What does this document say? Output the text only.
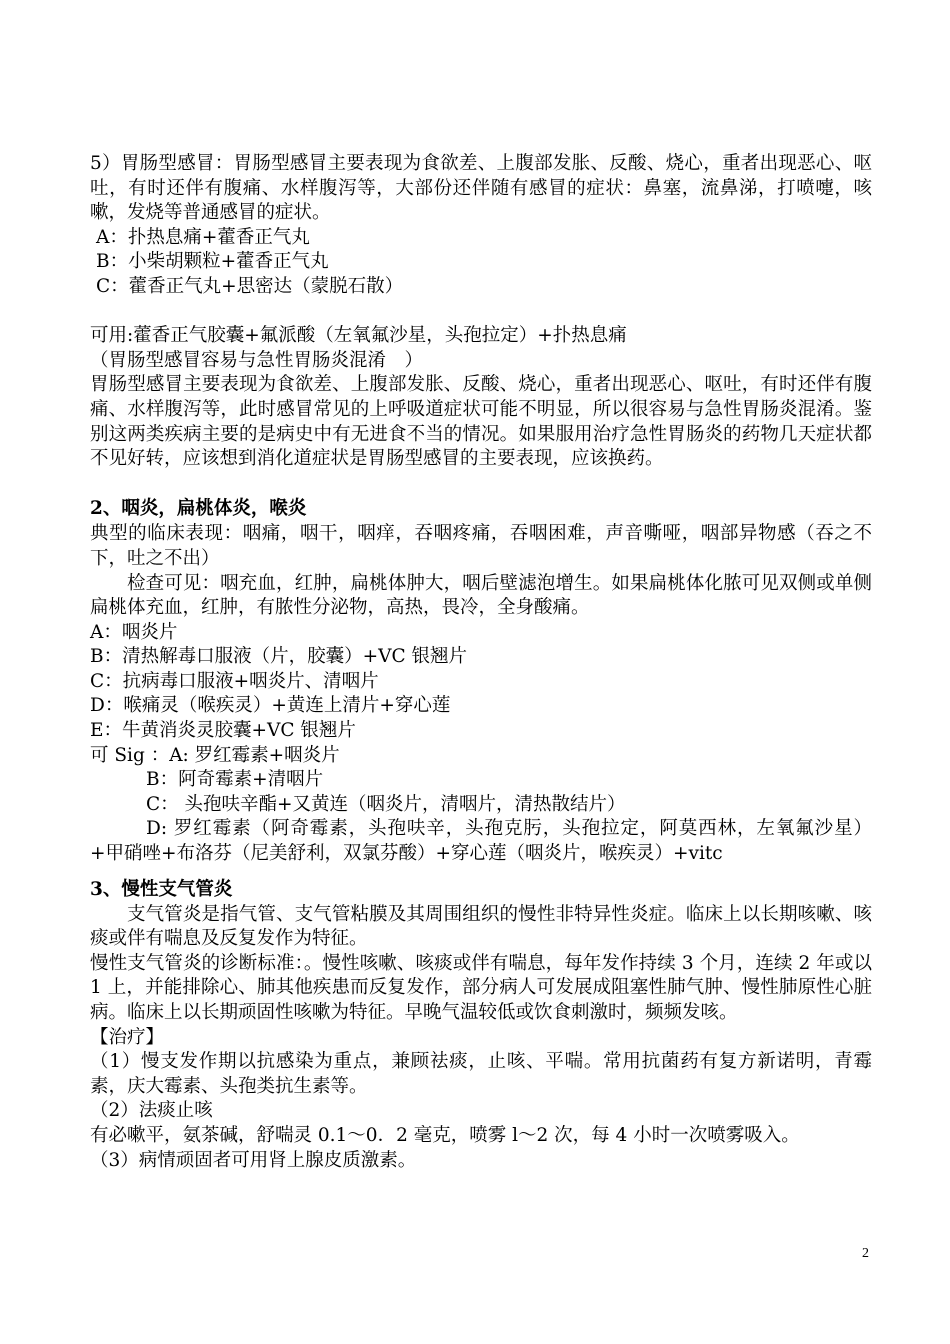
5）胃肠型感冒：胃肠型感冒主要表现为食欲差、上腹部发胀、反酸、烧心，重者出现恶心、呕吐，有时还伴有腹痛、水样腹泻等，大部份还伴随有感冒的症状：鼻塞，流鼻涕，打喷嚏，咳嗽，发烧等普通感冒的症状。

A：扑热息痛+藿香正气丸

B：小柴胡颗粒+藿香正气丸

C：藿香正气丸+思密达（蒙脱石散）

可用:藿香正气胶囊+氟派酸（左氧氟沙星，头孢拉定）+扑热息痛

（胃肠型感冒容易与急性胃肠炎混淆　）

胃肠型感冒主要表现为食欲差、上腹部发胀、反酸、烧心，重者出现恶心、呕吐，有时还伴有腹痛、水样腹泻等，此时感冒常见的上呼吸道症状可能不明显，所以很容易与急性胃肠炎混淆。鉴别这两类疾病主要的是病史中有无进食不当的情况。如果服用治疗急性胃肠炎的药物几天症状都不见好转，应该想到消化道症状是胃肠型感冒的主要表现，应该换药。

2、咽炎，扁桃体炎，喉炎

典型的临床表现：咽痛，咽干，咽痒，吞咽疼痛，吞咽困难，声音嘶哑，咽部异物感（吞之不下，吐之不出）

检查可见：咽充血，红肿，扁桃体肿大，咽后壁滤泡增生。如果扁桃体化脓可见双侧或单侧扁桃体充血，红肿，有脓性分泌物，高热，畏冷，全身酸痛。

A：咽炎片

B：清热解毒口服液（片，胶囊）+VC 银翘片

C：抗病毒口服液+咽炎片、清咽片

D：喉痛灵（喉疾灵）+黄连上清片+穿心莲

E：牛黄消炎灵胶囊+VC 银翘片

可 Sig ：A: 罗红霉素+咽炎片

B：阿奇霉素+清咽片

C： 头孢呋辛酯+又黄连（咽炎片，清咽片，清热散结片）

D: 罗红霉素（阿奇霉素，头孢呋辛，头孢克肟，头孢拉定，阿莫西林，左氧氟沙星）+甲硝唑+布洛芬（尼美舒利，双氯芬酸）+穿心莲（咽炎片，喉疾灵）+vitc

3、慢性支气管炎

支气管炎是指气管、支气管粘膜及其周围组织的慢性非特异性炎症。临床上以长期咳嗽、咳痰或伴有喘息及反复发作为特征。

慢性支气管炎的诊断标准：。慢性咳嗽、咳痰或伴有喘息，每年发作持续 3 个月，连续 2 年或以 1 上，并能排除心、肺其他疾患而反复发作，部分病人可发展成阻塞性肺气肿、慢性肺原性心脏病。临床上以长期顽固性咳嗽为特征。早晚气温较低或饮食刺激时，频频发咳。

【治疗】

（1）慢支发作期以抗感染为重点，兼顾祛痰，止咳、平喘。常用抗菌药有复方新诺明，青霉素，庆大霉素、头孢类抗生素等。

（2）法痰止咳

有必嗽平，氨茶碱，舒喘灵 0.1～0．2 毫克，喷雾 l～2 次，每 4 小时一次喷雾吸入。

（3）病情顽固者可用肾上腺皮质激素。

2
